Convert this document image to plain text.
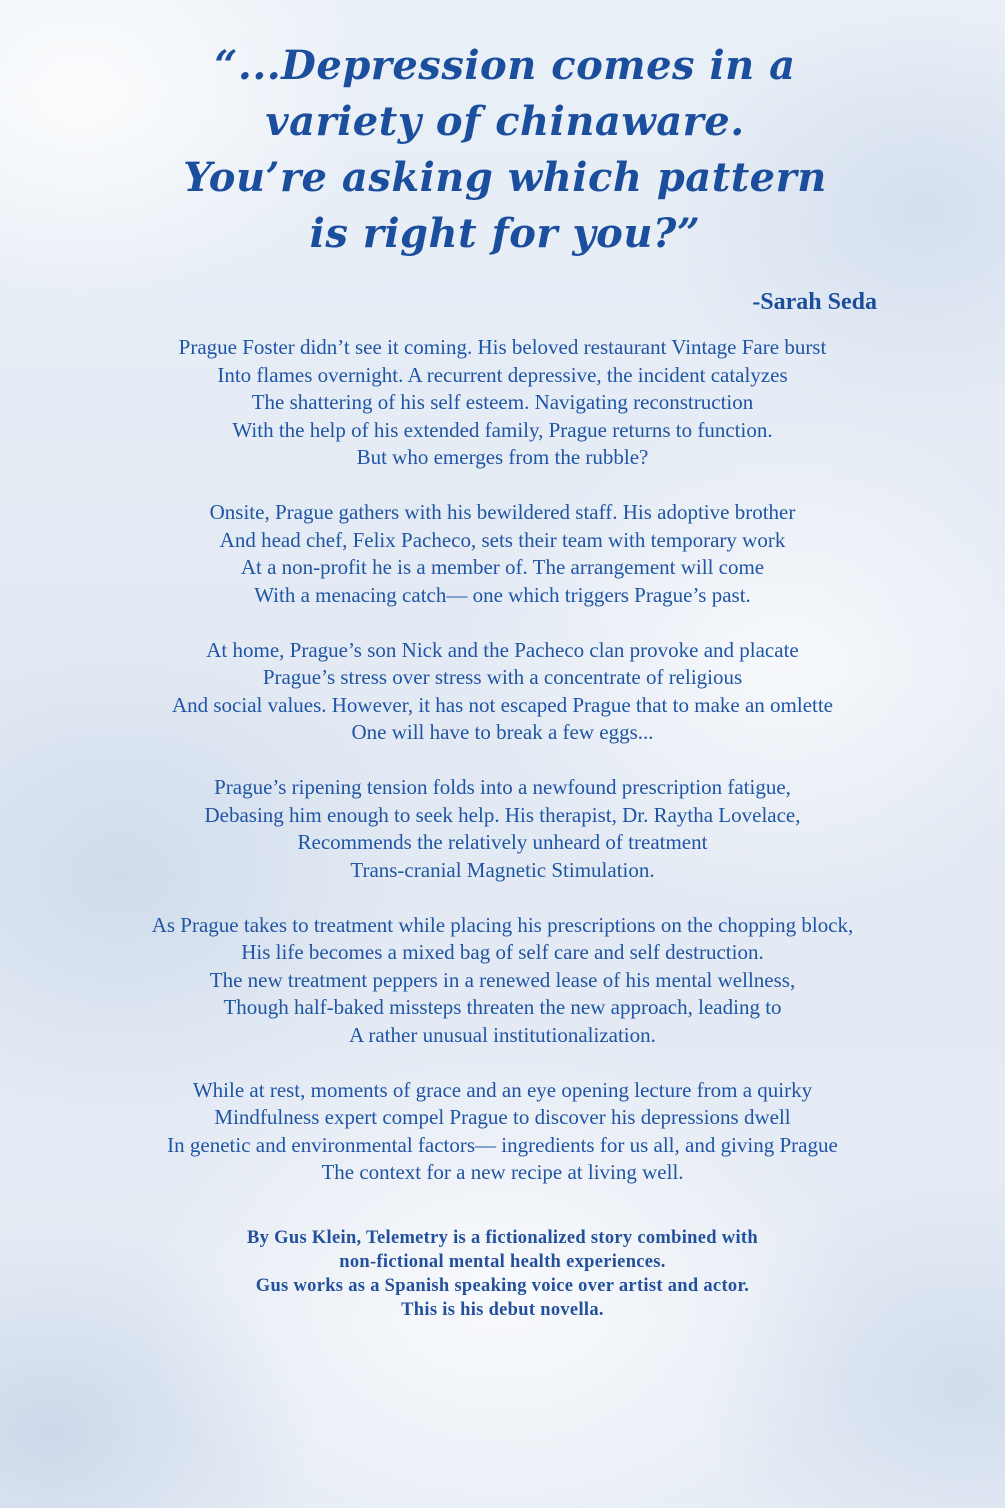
“...Depression comes in a
variety of chinaware.
You’re asking which pattern
is right for you?”
-Sarah Seda

Prague Foster didn’t see it coming. His beloved restaurant Vintage Fare burst
Into flames overnight. A recurrent depressive, the incident catalyzes
The shattering of his self esteem. Navigating reconstruction
With the help of his extended family, Prague returns to function.
But who emerges from the rubble?

Onsite, Prague gathers with his bewildered staff. His adoptive brother
And head chef, Felix Pacheco, sets their team with temporary work
At a non-profit he is a member of. The arrangement will come
With a menacing catch— one which triggers Prague’s past.

At home, Prague’s son Nick and the Pacheco clan provoke and placate
Prague’s stress over stress with a concentrate of religious
And social values. However, it has not escaped Prague that to make an omlette
One will have to break a few eggs...

Prague’s ripening tension folds into a newfound prescription fatigue,
Debasing him enough to seek help. His therapist, Dr. Raytha Lovelace,
Recommends the relatively unheard of treatment
Trans-cranial Magnetic Stimulation.

As Prague takes to treatment while placing his prescriptions on the chopping block,
His life becomes a mixed bag of self care and self destruction.
The new treatment peppers in a renewed lease of his mental wellness,
Though half-baked missteps threaten the new approach, leading to
A rather unusual institutionalization.

While at rest, moments of grace and an eye opening lecture from a quirky
Mindfulness expert compel Prague to discover his depressions dwell
In genetic and environmental factors— ingredients for us all, and giving Prague
The context for a new recipe at living well.

By Gus Klein, Telemetry is a fictionalized story combined with
non-fictional mental health experiences.
Gus works as a Spanish speaking voice over artist and actor.
This is his debut novella.
